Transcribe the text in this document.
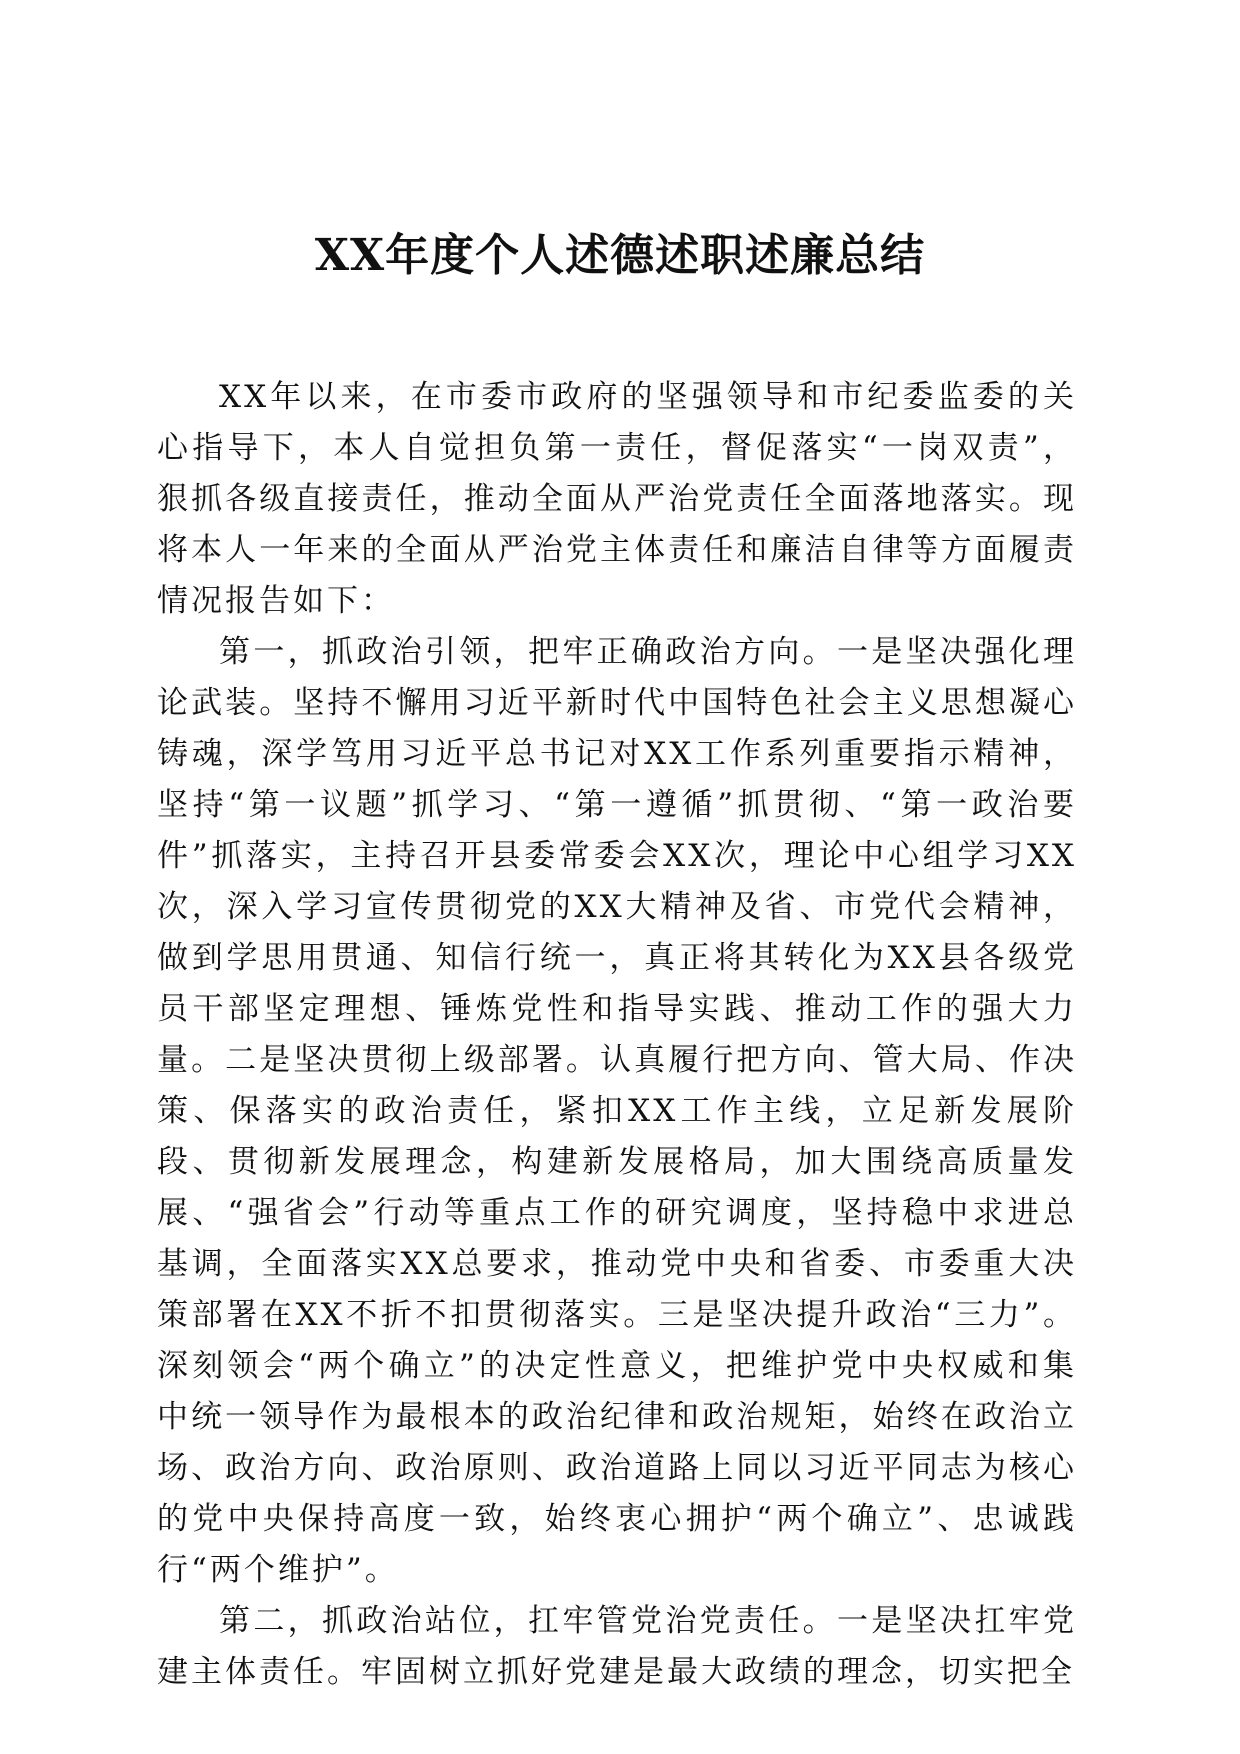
XX年度个人述德述职述廉总结

XX年以来，在市委市政府的坚强领导和市纪委监委的关心指导下，本人自觉担负第一责任，督促落实“一岗双责”，狠抓各级直接责任，推动全面从严治党责任全面落地落实。现将本人一年来的全面从严治党主体责任和廉洁自律等方面履责情况报告如下：

第一，抓政治引领，把牢正确政治方向。一是坚决强化理论武装。坚持不懈用习近平新时代中国特色社会主义思想凝心铸魂，深学笃用习近平总书记对XX工作系列重要指示精神，坚持“第一议题”抓学习、“第一遵循”抓贯彻、“第一政治要件”抓落实，主持召开县委常委会XX次，理论中心组学习XX次，深入学习宣传贯彻党的XX大精神及省、市党代会精神，做到学思用贯通、知信行统一，真正将其转化为XX县各级党员干部坚定理想、锤炼党性和指导实践、推动工作的强大力量。二是坚决贯彻上级部署。认真履行把方向、管大局、作决策、保落实的政治责任，紧扣XX工作主线，立足新发展阶段、贯彻新发展理念，构建新发展格局，加大围绕高质量发展、“强省会”行动等重点工作的研究调度，坚持稳中求进总基调，全面落实XX总要求，推动党中央和省委、市委重大决策部署在XX不折不扣贯彻落实。三是坚决提升政治“三力”。深刻领会“两个确立”的决定性意义，把维护党中央权威和集中统一领导作为最根本的政治纪律和政治规矩，始终在政治立场、政治方向、政治原则、政治道路上同以习近平同志为核心的党中央保持高度一致，始终衷心拥护“两个确立”、忠诚践行“两个维护”。

第二，抓政治站位，扛牢管党治党责任。一是坚决扛牢党建主体责任。牢固树立抓好党建是最大政绩的理念，切实把全
